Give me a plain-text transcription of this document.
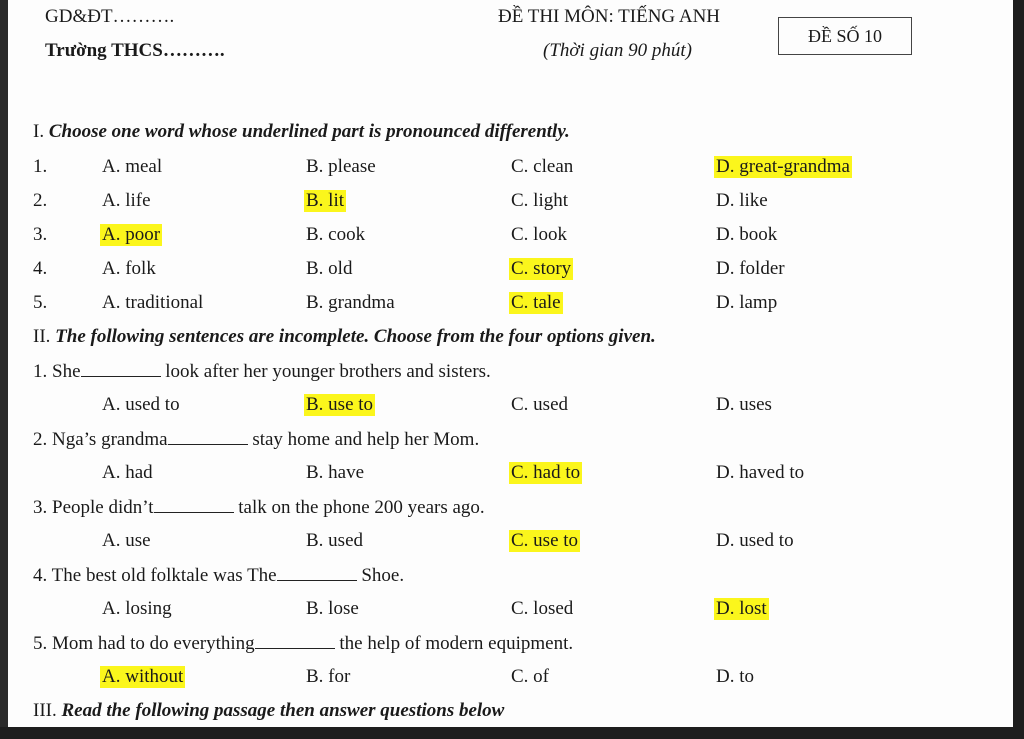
GD&ĐT……….
Trường THCS……….
ĐỀ THI MÔN: TIẾNG ANH
(Thời gian 90 phút)
ĐỀ SỐ 10
I. Choose one word whose underlined part is pronounced differently.
1.	A. meal	B. please	C. clean	D. great-grandma
2.	A. life	B. lit	C. light	D. like
3.	A. poor	B. cook	C. look	D. book
4.	A. folk	B. old	C. story	D. folder
5.	A. traditional	B. grandma	C. tale	D. lamp
II. The following sentences are incomplete. Choose from the four options given.
1. She	look after her younger brothers and sisters.
A. used to	B. use to	C. used	D. uses
2. Nga’s grandma	stay home and help her Mom.
A. had	B. have	C. had to	D. haved to
3. People didn’t	talk on the phone 200 years ago.
A. use	B. used	C. use to	D. used to
4. The best old folktale was The	Shoe.
A. losing	B. lose	C. losed	D. lost
5. Mom had to do everything	the help of modern equipment.
A. without	B. for	C. of	D. to
III. Read the following passage then answer questions below
